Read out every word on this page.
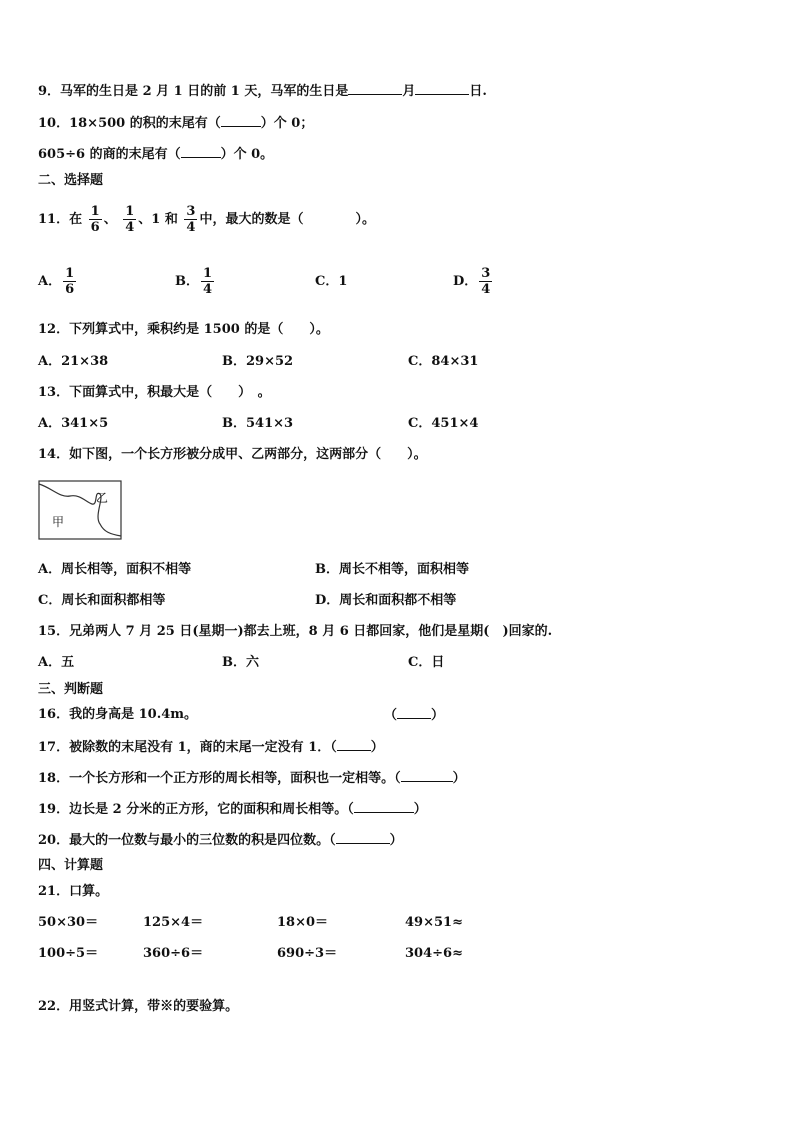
9．马军的生日是 2 月 1 日的前 1 天，马军的生日是	月	日.
10．18×500 的积的末尾有（	）个 0；
605÷6 的商的末尾有（	）个 0。
二、选择题
11．在 $\frac{1}{6}$ 、 $\frac{1}{4}$ 、1 和 $\frac{3}{4}$ 中，最大的数是（	）。
A． $\frac{1}{6}$	B． $\frac{1}{4}$	C．1	D． $\frac{3}{4}$
12．下列算式中，乘积约是 1500 的是（　　）。
A．21×38	B．29×52	C．84×31
13．下面算式中，积最大是（　　）　。
A．341×5	B．541×3	C．451×4
14．如下图，一个长方形被分成甲、乙两部分，这两部分（　　）。
甲
乙
A．周长相等，面积不相等	B．周长不相等，面积相等
C．周长和面积都相等	D．周长和面积都不相等
15．兄弟两人 7 月 25 日(星期一)都去上班，8 月 6 日都回家，他们是星期(　)回家的.
A．五	B．六	C．日
三、判断题
16．我的身高是 10.4m。	（	）
17．被除数的末尾没有 1，商的末尾一定没有 1．（	）
18．一个长方形和一个正方形的周长相等，面积也一定相等。（	）
19．边长是 2 分米的正方形，它的面积和周长相等。（	）
20．最大的一位数与最小的三位数的积是四位数。（	）
四、计算题
21．口算。
50×30＝	125×4＝	18×0＝	49×51≈
100÷5＝	360÷6＝	690÷3＝	304÷6≈
22．用竖式计算，带※的要验算。
